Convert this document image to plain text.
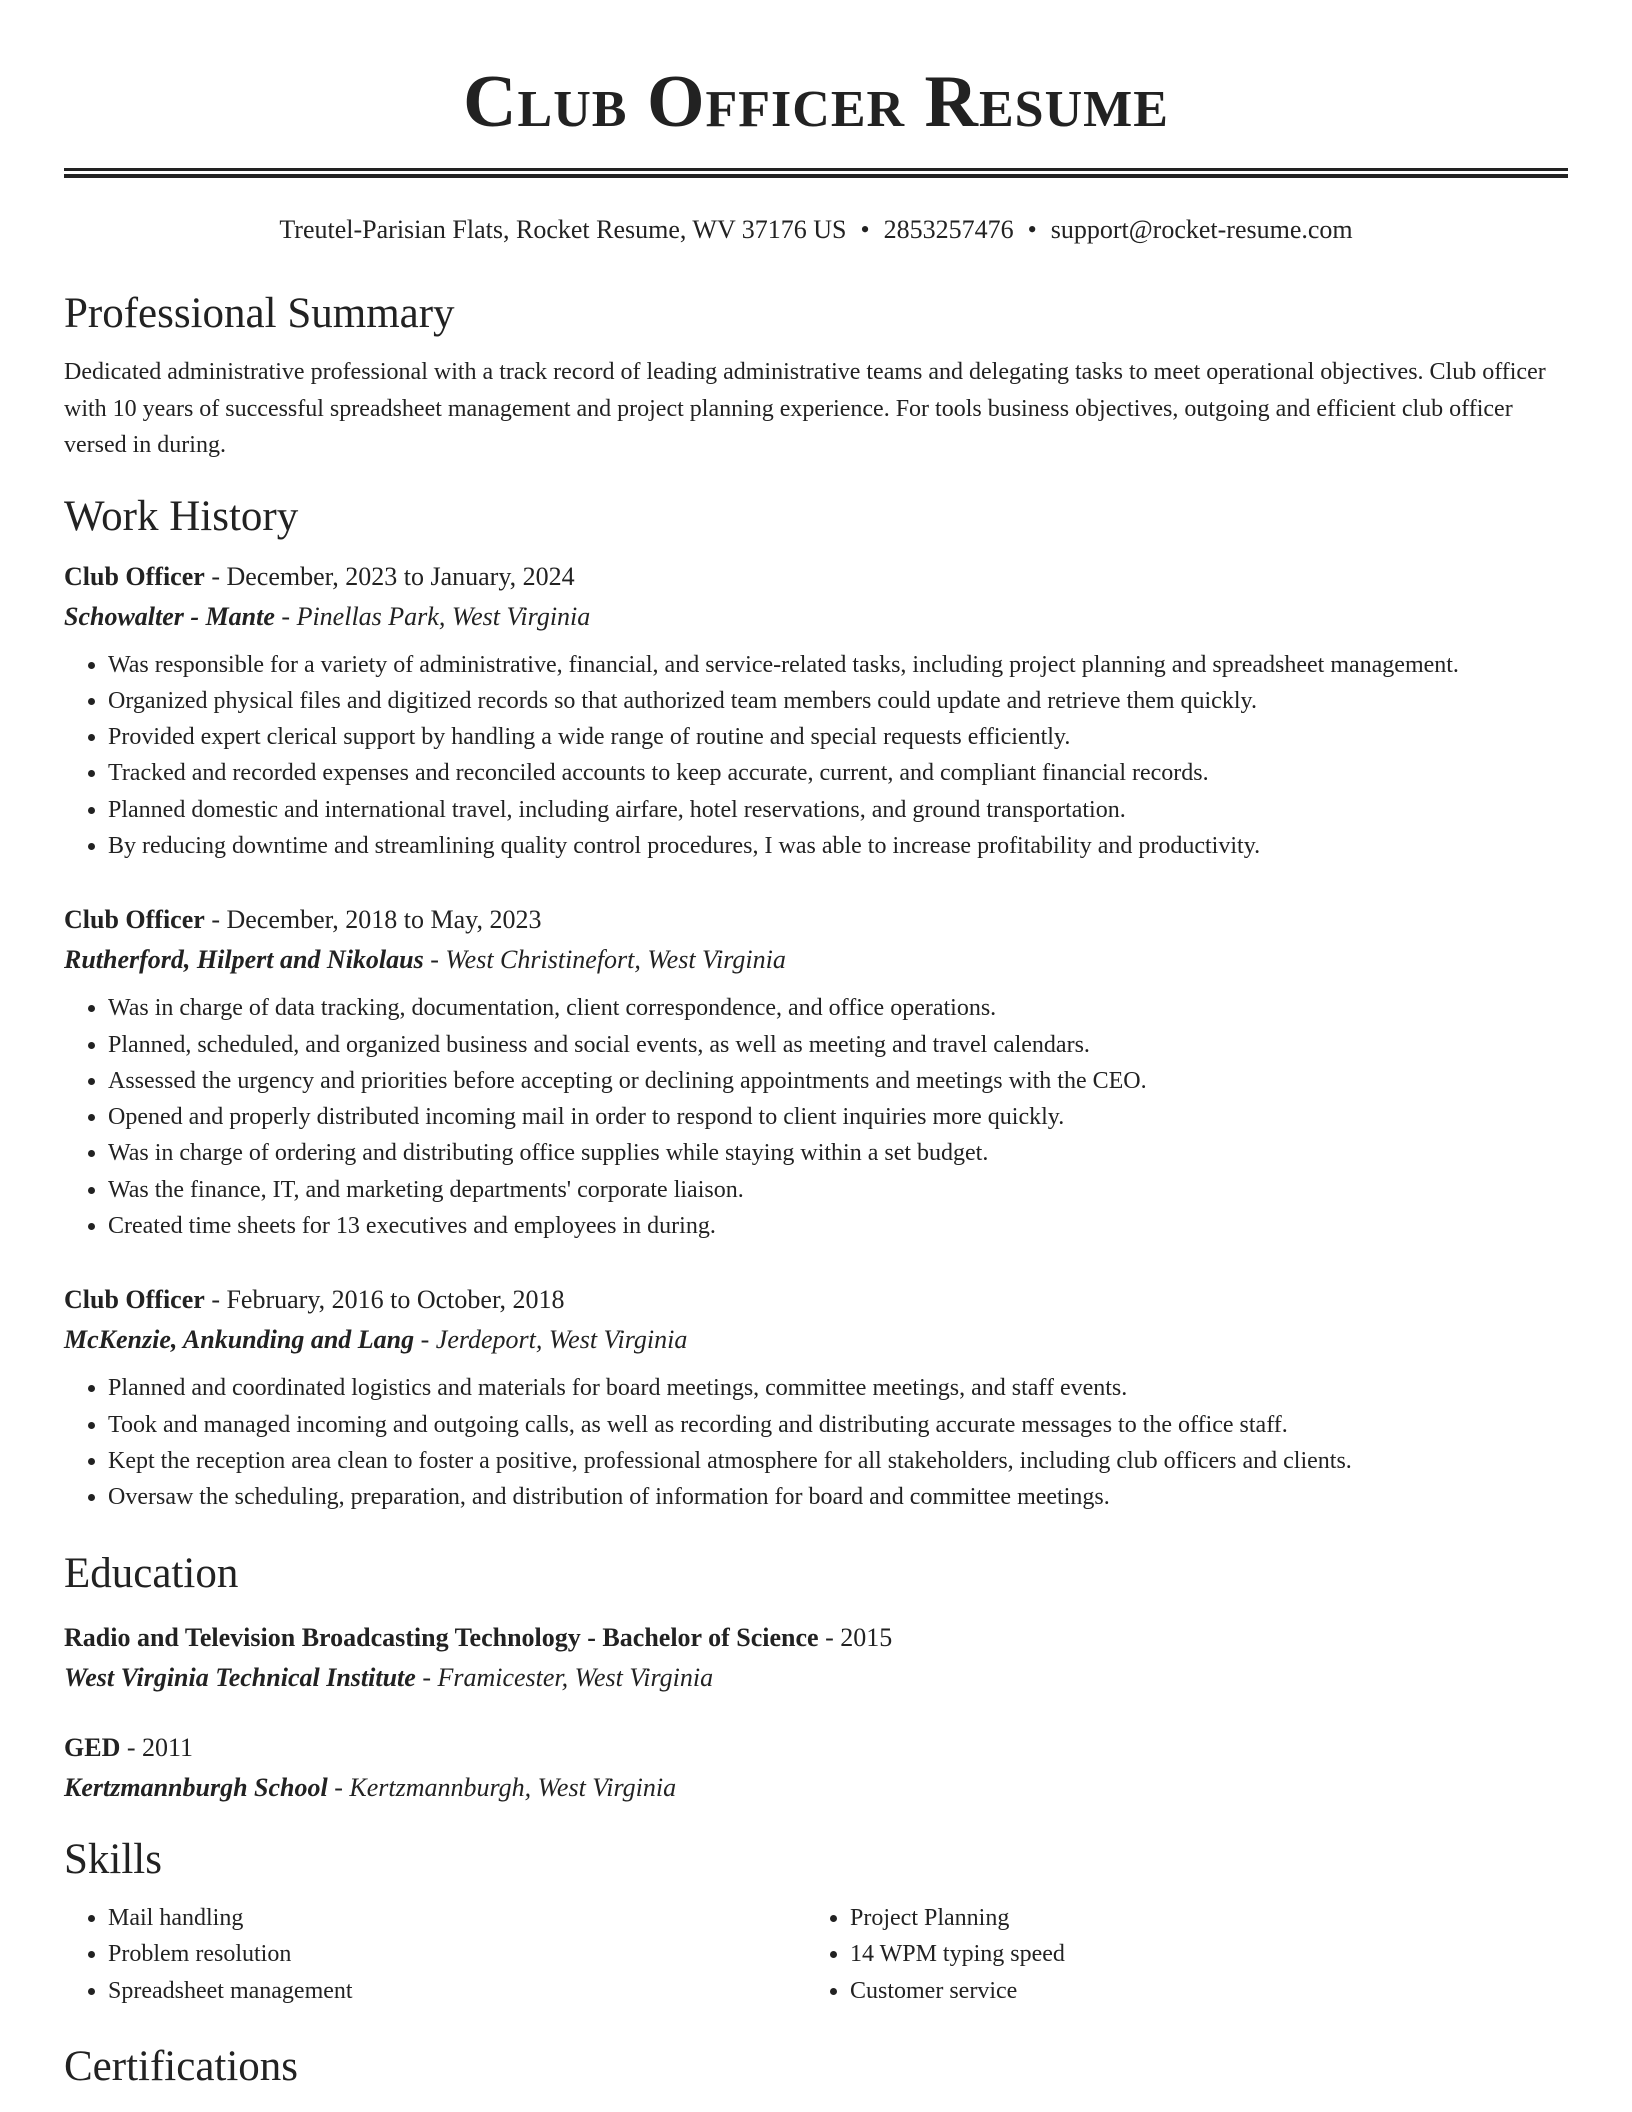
Club Officer Resume
Treutel-Parisian Flats, Rocket Resume, WV 37176 US • 2853257476 • support@rocket-resume.com
Professional Summary

Dedicated administrative professional with a track record of leading administrative teams and delegating tasks to meet operational objectives. Club officer with 10 years of successful spreadsheet management and project planning experience. For tools business objectives, outgoing and efficient club officer versed in during.

Work History
Club Officer - December, 2023 to January, 2024
Schowalter - Mante - Pinellas Park, West Virginia
• Was responsible for a variety of administrative, financial, and service-related tasks, including project planning and spreadsheet management.
• Organized physical files and digitized records so that authorized team members could update and retrieve them quickly.
• Provided expert clerical support by handling a wide range of routine and special requests efficiently.
• Tracked and recorded expenses and reconciled accounts to keep accurate, current, and compliant financial records.
• Planned domestic and international travel, including airfare, hotel reservations, and ground transportation.
• By reducing downtime and streamlining quality control procedures, I was able to increase profitability and productivity.
Club Officer - December, 2018 to May, 2023
Rutherford, Hilpert and Nikolaus - West Christinefort, West Virginia
• Was in charge of data tracking, documentation, client correspondence, and office operations.
• Planned, scheduled, and organized business and social events, as well as meeting and travel calendars.
• Assessed the urgency and priorities before accepting or declining appointments and meetings with the CEO.
• Opened and properly distributed incoming mail in order to respond to client inquiries more quickly.
• Was in charge of ordering and distributing office supplies while staying within a set budget.
• Was the finance, IT, and marketing departments' corporate liaison.
• Created time sheets for 13 executives and employees in during.
Club Officer - February, 2016 to October, 2018
McKenzie, Ankunding and Lang - Jerdeport, West Virginia
• Planned and coordinated logistics and materials for board meetings, committee meetings, and staff events.
• Took and managed incoming and outgoing calls, as well as recording and distributing accurate messages to the office staff.
• Kept the reception area clean to foster a positive, professional atmosphere for all stakeholders, including club officers and clients.
• Oversaw the scheduling, preparation, and distribution of information for board and committee meetings.
Education
Radio and Television Broadcasting Technology - Bachelor of Science - 2015
West Virginia Technical Institute - Framicester, West Virginia
GED - 2011
Kertzmannburgh School - Kertzmannburgh, West Virginia
Skills
• Mail handling
• Problem resolution
• Spreadsheet management
• Project Planning
• 14 WPM typing speed
• Customer service
Certifications
